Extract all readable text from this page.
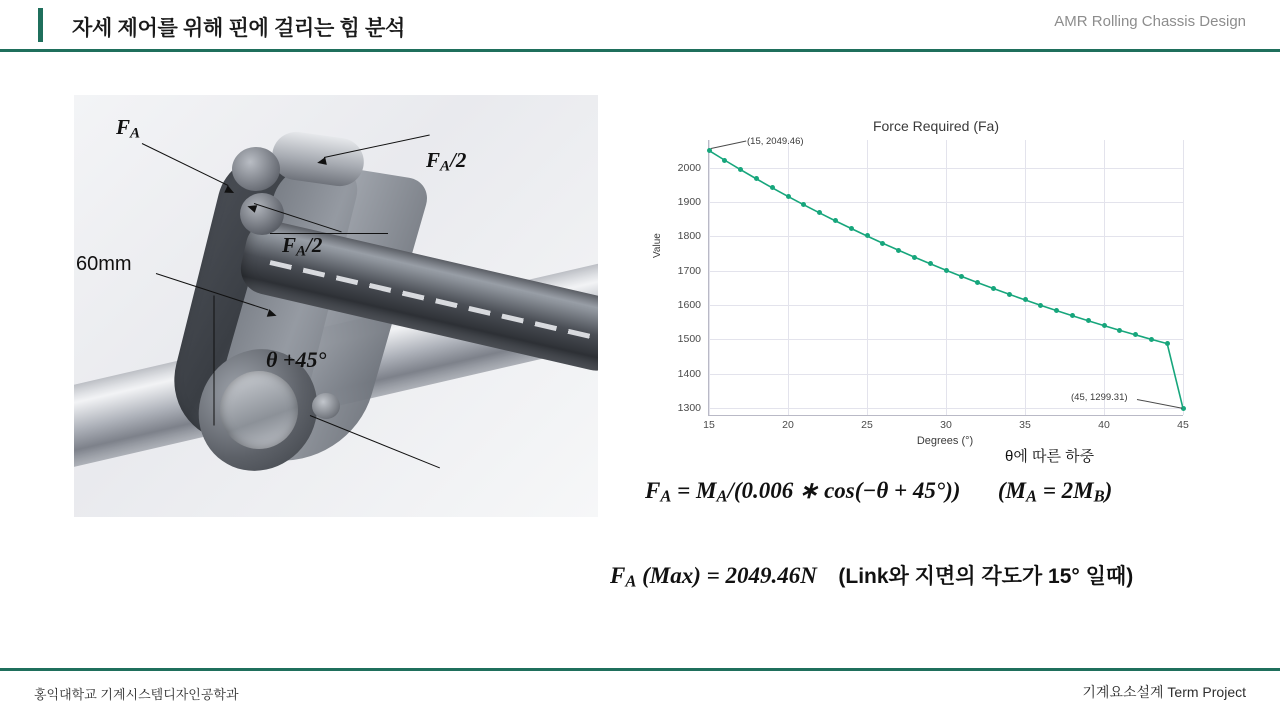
자세 제어를 위해 핀에 걸리는 힘 분석	AMR Rolling Chassis Design
$F_A$
$F_A/2$
$F_A/2$
60mm
θ +45°
Force Required (Fa)
Value
Degrees (°)
15	20	25	30	35	40	45
1300
1400
1500
1600
1700
1800
1900
2000
(15, 2049.46)
(45, 1299.31)
θ에 따른 하중
$F_A = M_A/(0.006$ ∗ cos(−θ + 45°)) $(M_A = 2M_B)$
$F_A$ (Max) = 2049.46N (Link와 지면의 각도가 15° 일때)
홍익대학교 기계시스템디자인공학과	기계요소설계 Term Project
